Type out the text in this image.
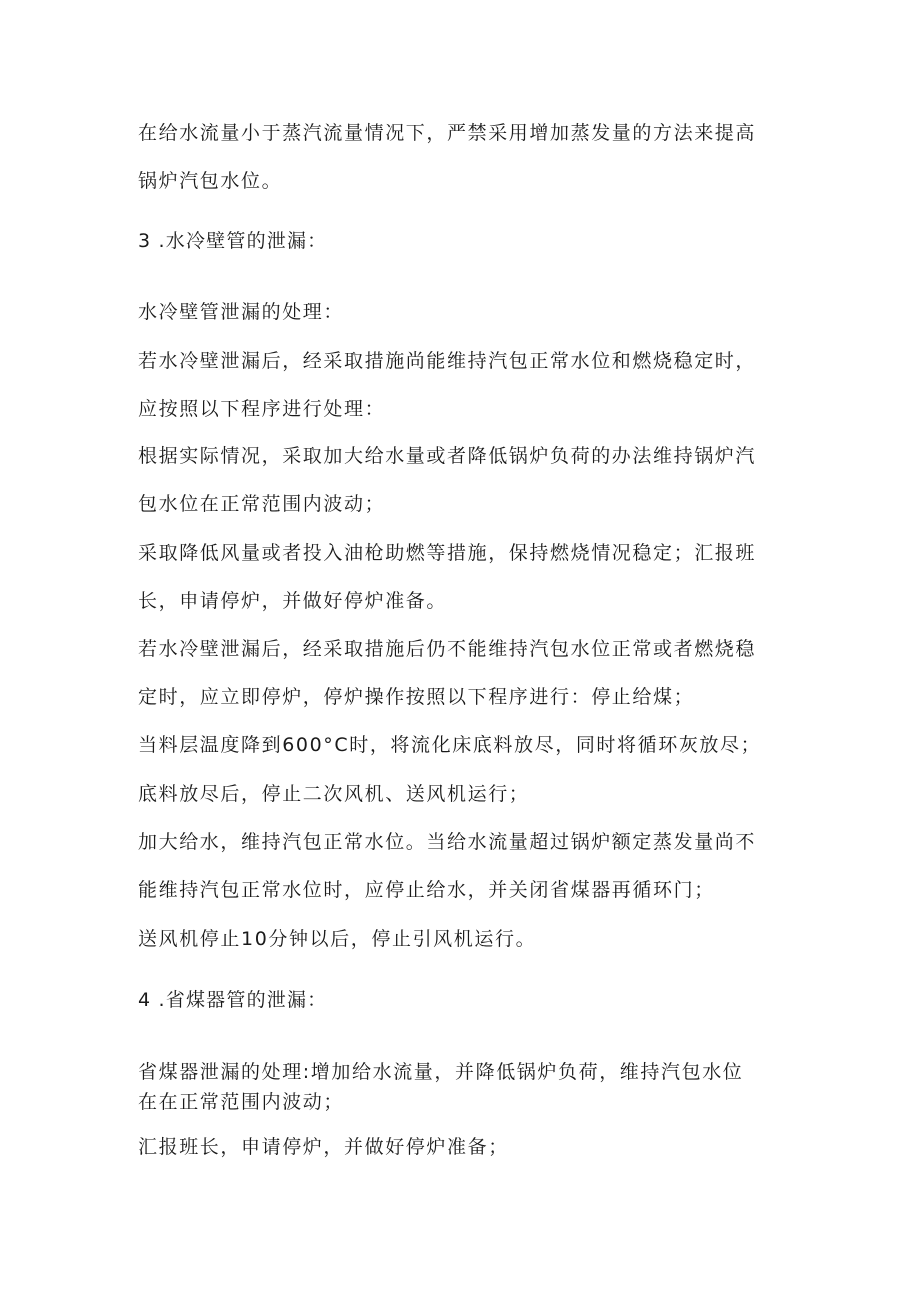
在给水流量小于蒸汽流量情况下，严禁采用增加蒸发量的方法来提高
锅炉汽包水位。
3 .水冷壁管的泄漏：
水冷壁管泄漏的处理：
若水冷壁泄漏后，经采取措施尚能维持汽包正常水位和燃烧稳定时，
应按照以下程序进行处理：
根据实际情况，采取加大给水量或者降低锅炉负荷的办法维持锅炉汽
包水位在正常范围内波动；
采取降低风量或者投入油枪助燃等措施，保持燃烧情况稳定；汇报班
长，申请停炉，并做好停炉准备。
若水冷壁泄漏后，经采取措施后仍不能维持汽包水位正常或者燃烧稳
定时，应立即停炉，停炉操作按照以下程序进行：停止给煤；
当料层温度降到600°C时，将流化床底料放尽，同时将循环灰放尽；
底料放尽后，停止二次风机、送风机运行；
加大给水，维持汽包正常水位。当给水流量超过锅炉额定蒸发量尚不
能维持汽包正常水位时，应停止给水，并关闭省煤器再循环门；
送风机停止10分钟以后，停止引风机运行。
4 .省煤器管的泄漏：
省煤器泄漏的处理:增加给水流量，并降低锅炉负荷，维持汽包水位
在在正常范围内波动；
汇报班长，申请停炉，并做好停炉准备；
